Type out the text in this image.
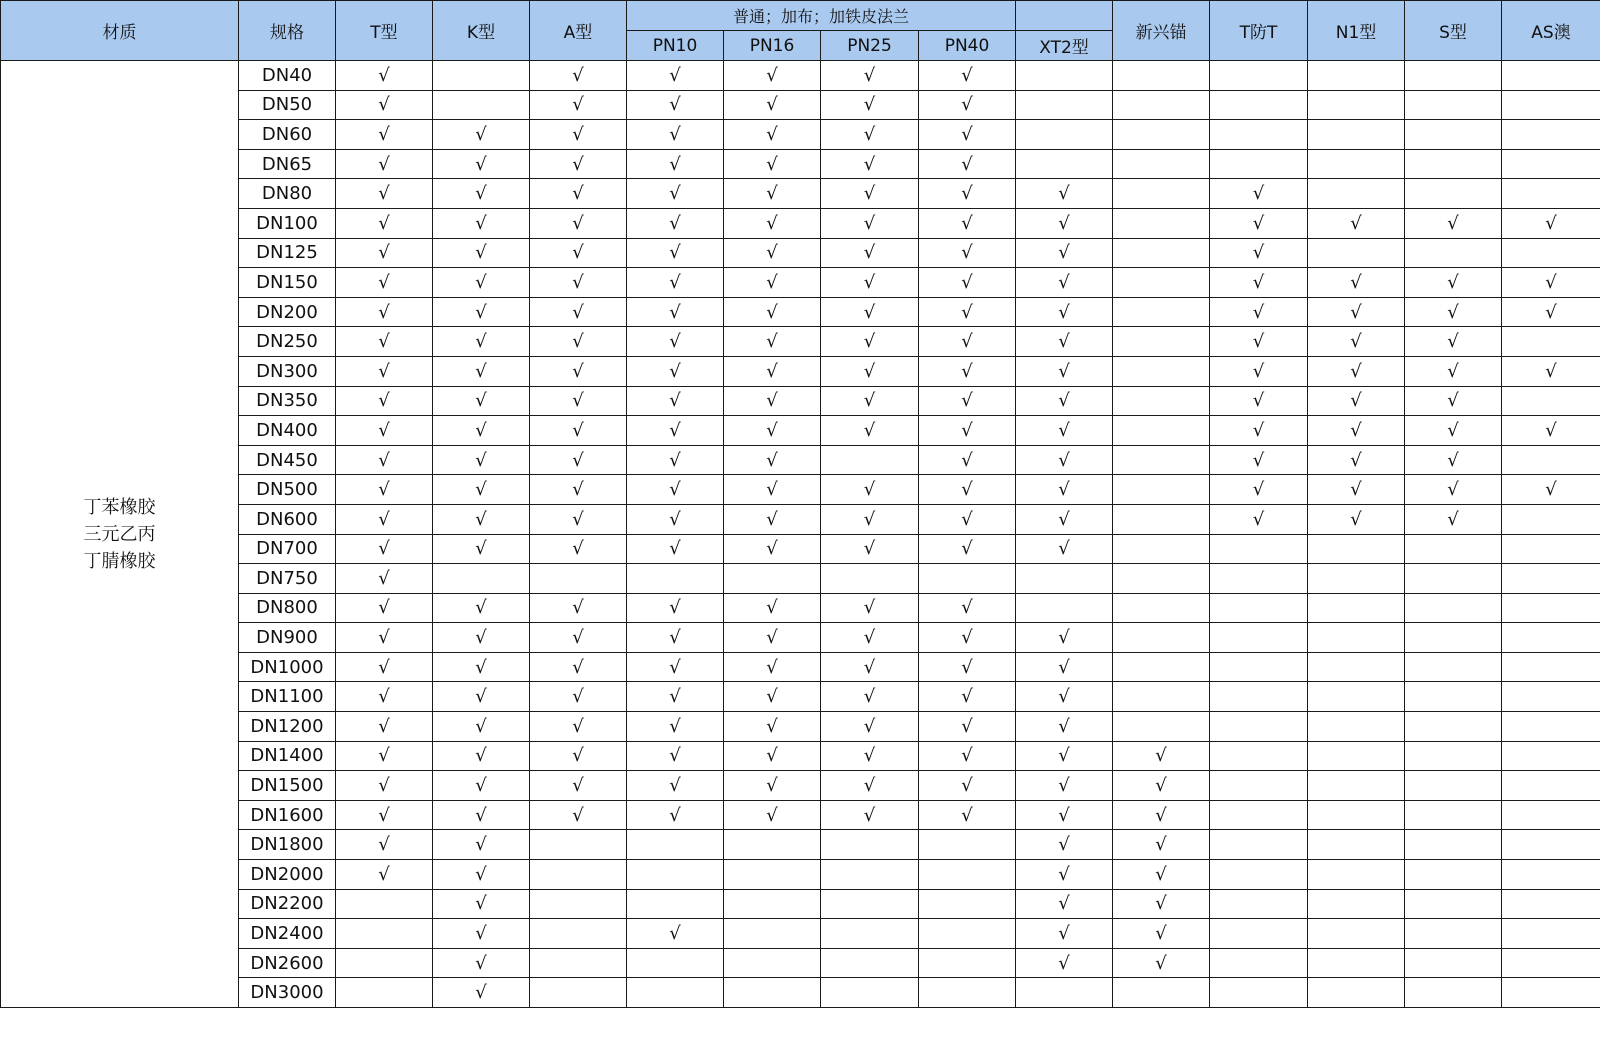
材质	规格	T型	K型	A型	普通；加布；加铁皮法兰					新兴锚	T防T	N1型	S型	AS澳
					PN10	PN16	PN25	PN40	XT2型					

丁苯橡胶
三元乙丙
丁腈橡胶	DN40	√		√	√	√	√	√						
	DN50	√		√	√	√	√	√						
	DN60	√	√	√	√	√	√	√						
	DN65	√	√	√	√	√	√	√						
	DN80	√	√	√	√	√	√	√	√		√			
	DN100	√	√	√	√	√	√	√	√		√	√	√	√
	DN125	√	√	√	√	√	√	√	√		√			
	DN150	√	√	√	√	√	√	√	√		√	√	√	√
	DN200	√	√	√	√	√	√	√	√		√	√	√	√
	DN250	√	√	√	√	√	√	√	√		√	√	√	
	DN300	√	√	√	√	√	√	√	√		√	√	√	√
	DN350	√	√	√	√	√	√	√	√		√	√	√	
	DN400	√	√	√	√	√	√	√	√		√	√	√	√
	DN450	√	√	√	√	√		√	√		√	√	√	
	DN500	√	√	√	√	√	√	√	√		√	√	√	√
	DN600	√	√	√	√	√	√	√	√		√	√	√	
	DN700	√	√	√	√	√	√	√	√					
	DN750	√												
	DN800	√	√	√	√	√	√	√						
	DN900	√	√	√	√	√	√	√	√					
	DN1000	√	√	√	√	√	√	√	√					
	DN1100	√	√	√	√	√	√	√	√					
	DN1200	√	√	√	√	√	√	√	√					
	DN1400	√	√	√	√	√	√	√	√	√				
	DN1500	√	√	√	√	√	√	√	√	√				
	DN1600	√	√	√	√	√	√	√	√	√				
	DN1800	√	√						√	√				
	DN2000	√	√						√	√				
	DN2200		√						√	√				
	DN2400		√		√				√	√				
	DN2600		√						√	√				
	DN3000		√											
